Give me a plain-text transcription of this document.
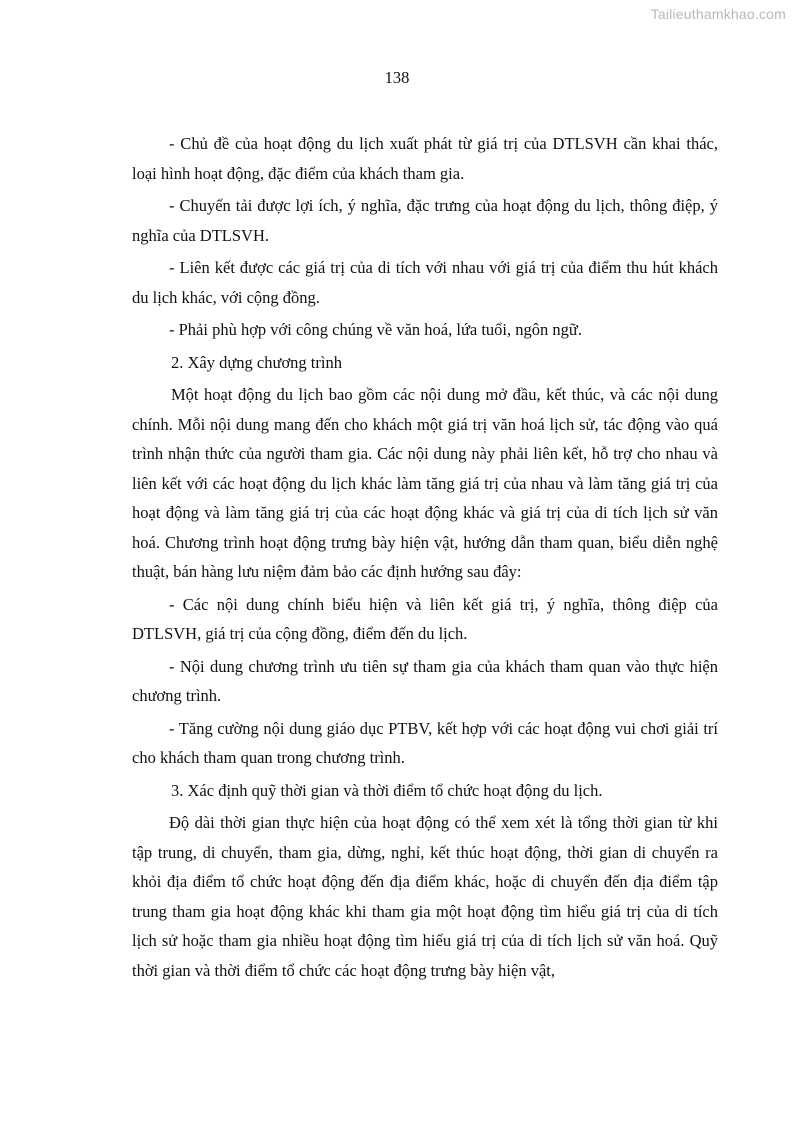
Tailieuthamkhao.com
138

- Chủ đề của hoạt động du lịch xuất phát từ giá trị của DTLSVH cần khai thác, loại hình hoạt động, đặc điểm của khách tham gia.

- Chuyển tải được lợi ích, ý nghĩa, đặc trưng của hoạt động du lịch, thông điệp, ý nghĩa của DTLSVH.

- Liên kết được các giá trị của di tích với nhau với giá trị của điểm thu hút khách du lịch khác, với cộng đồng.

- Phải phù hợp với công chúng về văn hoá, lứa tuổi, ngôn ngữ.

2. Xây dựng chương trình

Một hoạt động du lịch bao gồm các nội dung mở đầu, kết thúc, và các nội dung chính. Mỗi nội dung mang đến cho khách một giá trị văn hoá lịch sử, tác động vào quá trình nhận thức của người tham gia. Các nội dung này phải liên kết, hỗ trợ cho nhau và liên kết với các hoạt động du lịch khác làm tăng giá trị của nhau và làm tăng giá trị của hoạt động và làm tăng giá trị của các hoạt động khác và giá trị của di tích lịch sử văn hoá. Chương trình hoạt động trưng bày hiện vật, hướng dẫn tham quan, biểu diễn nghệ thuật, bán hàng lưu niệm đảm bảo các định hướng sau đây:

- Các nội dung chính biểu hiện và liên kết giá trị, ý nghĩa, thông điệp của DTLSVH, giá trị của cộng đồng, điểm đến du lịch.

- Nội dung chương trình ưu tiên sự tham gia của khách tham quan vào thực hiện chương trình.

- Tăng cường nội dung giáo dục PTBV, kết hợp với các hoạt động vui chơi giải trí cho khách tham quan trong chương trình.

3. Xác định quỹ thời gian và thời điểm tổ chức hoạt động du lịch.

Độ dài thời gian thực hiện của hoạt động có thể xem xét là tổng thời gian từ khi tập trung, di chuyển, tham gia, dừng, nghỉ, kết thúc hoạt động, thời gian di chuyển ra khỏi địa điểm tổ chức hoạt động đến địa điểm khác, hoặc di chuyển đến địa điểm tập trung tham gia hoạt động khác khi tham gia một hoạt động tìm hiểu giá trị của di tích lịch sử hoặc tham gia nhiều hoạt động tìm hiểu giá trị của di tích lịch sử văn hoá. Quỹ thời gian và thời điểm tổ chức các hoạt động trưng bày hiện vật,
